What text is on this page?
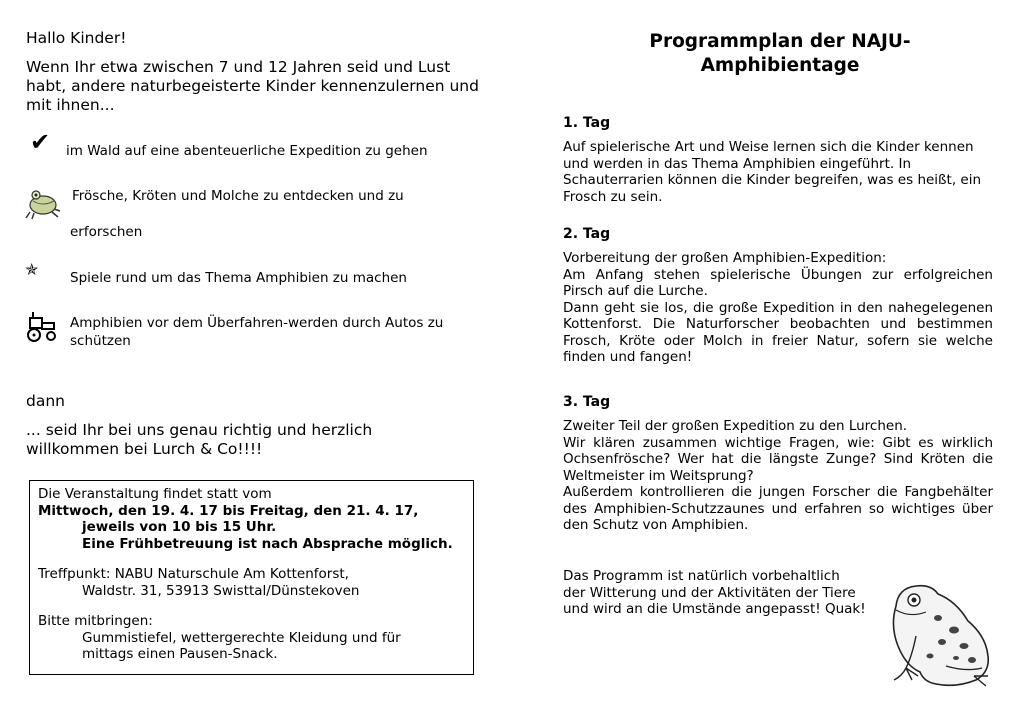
Hallo Kinder!
Wenn Ihr etwa zwischen 7 und 12 Jahren seid und Lust habt, andere naturbegeisterte Kinder kennenzulernen und mit ihnen...
✔ im Wald auf eine abenteuerliche Expedition zu gehen
Frösche, Kröten und Molche zu entdecken und zu
erforschen
✯ Spiele rund um das Thema Amphibien zu machen
Amphibien vor dem Überfahren-werden durch Autos zu schützen
dann
... seid Ihr bei uns genau richtig und herzlich willkommen bei Lurch & Co!!!!
Die Veranstaltung findet statt vom
Mittwoch, den 19. 4. 17 bis Freitag, den 21. 4. 17,
jeweils von 10 bis 15 Uhr.
Eine Frühbetreuung ist nach Absprache möglich.
Treffpunkt: NABU Naturschule Am Kottenforst,
Waldstr. 31, 53913 Swisttal/Dünstekoven
Bitte mitbringen:
Gummistiefel, wettergerechte Kleidung und für
mittags einen Pausen-Snack.
Programmplan der NAJU-
Amphibientage
1. Tag
Auf spielerische Art und Weise lernen sich die Kinder kennen und werden in das Thema Amphibien eingeführt. In Schauterrarien können die Kinder begreifen, was es heißt, ein Frosch zu sein.
2. Tag
Vorbereitung der großen Amphibien-Expedition:
Am Anfang stehen spielerische Übungen zur erfolgreichen Pirsch auf die Lurche.
Dann geht sie los, die große Expedition in den nahegelegenen Kottenforst. Die Naturforscher beobachten und bestimmen Frosch, Kröte oder Molch in freier Natur, sofern sie welche finden und fangen!
3. Tag
Zweiter Teil der großen Expedition zu den Lurchen.
Wir klären zusammen wichtige Fragen, wie: Gibt es wirklich Ochsenfrösche? Wer hat die längste Zunge? Sind Kröten die Weltmeister im Weitsprung?
Außerdem kontrollieren die jungen Forscher die Fangbehälter des Amphibien-Schutzzaunes und erfahren so wichtiges über den Schutz von Amphibien.
Das Programm ist natürlich vorbehaltlich
der Witterung und der Aktivitäten der Tiere
und wird an die Umstände angepasst! Quak!
